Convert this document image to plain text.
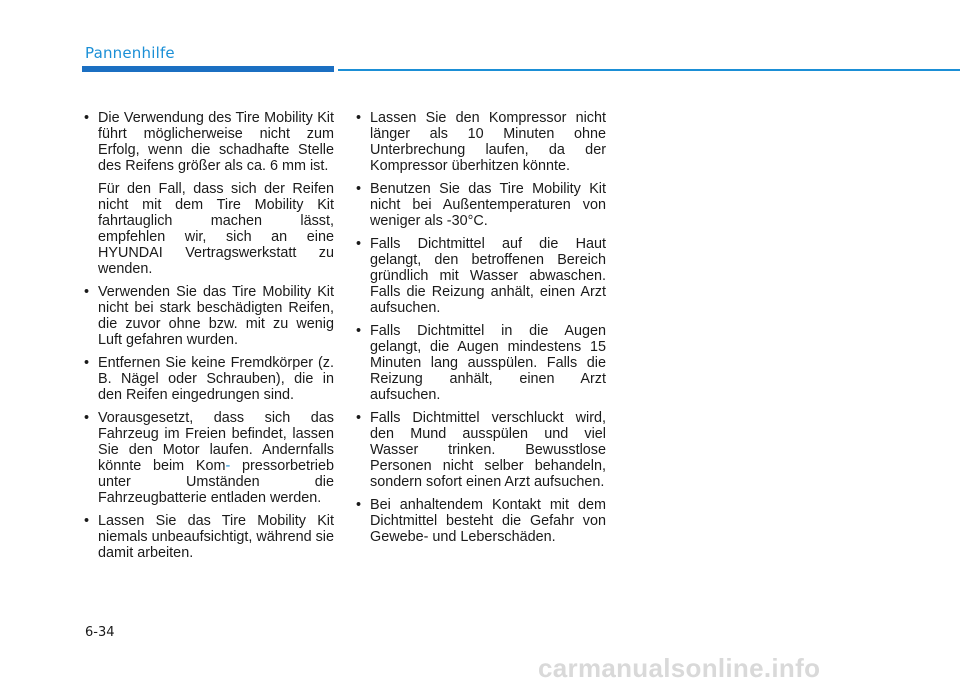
Pannenhilfe
• Die Verwendung des Tire Mobility Kit führt möglicherweise nicht zum Erfolg, wenn die schadhafte Stelle des Reifens größer als ca. 6 mm ist.
Für den Fall, dass sich der Reifen nicht mit dem Tire Mobility Kit fahrtauglich machen lässt, empfehlen wir, sich an eine HYUNDAI Vertragswerkstatt zu wenden.
• Verwenden Sie das Tire Mobility Kit nicht bei stark beschädigten Reifen, die zuvor ohne bzw. mit zu wenig Luft gefahren wurden.
• Entfernen Sie keine Fremdkörper (z. B. Nägel oder Schrauben), die in den Reifen eingedrungen sind.
• Vorausgesetzt, dass sich das Fahrzeug im Freien befindet, lassen Sie den Motor laufen. Andernfalls könnte beim Kom- pressorbetrieb unter Umständen die Fahrzeugbatterie entladen werden.
• Lassen Sie das Tire Mobility Kit niemals unbeaufsichtigt, während sie damit arbeiten.
• Lassen Sie den Kompressor nicht länger als 10 Minuten ohne Unterbrechung laufen, da der Kompressor überhitzen könnte.
• Benutzen Sie das Tire Mobility Kit nicht bei Außentemperaturen von weniger als -30°C.
• Falls Dichtmittel auf die Haut gelangt, den betroffenen Bereich gründlich mit Wasser abwaschen. Falls die Reizung anhält, einen Arzt aufsuchen.
• Falls Dichtmittel in die Augen gelangt, die Augen mindestens 15 Minuten lang ausspülen. Falls die Reizung anhält, einen Arzt aufsuchen.
• Falls Dichtmittel verschluckt wird, den Mund ausspülen und viel Wasser trinken. Bewusstlose Personen nicht selber behandeln, sondern sofort einen Arzt aufsuchen.
• Bei anhaltendem Kontakt mit dem Dichtmittel besteht die Gefahr von Gewebe- und Leberschäden.
6-34
carmanualsonline.info
